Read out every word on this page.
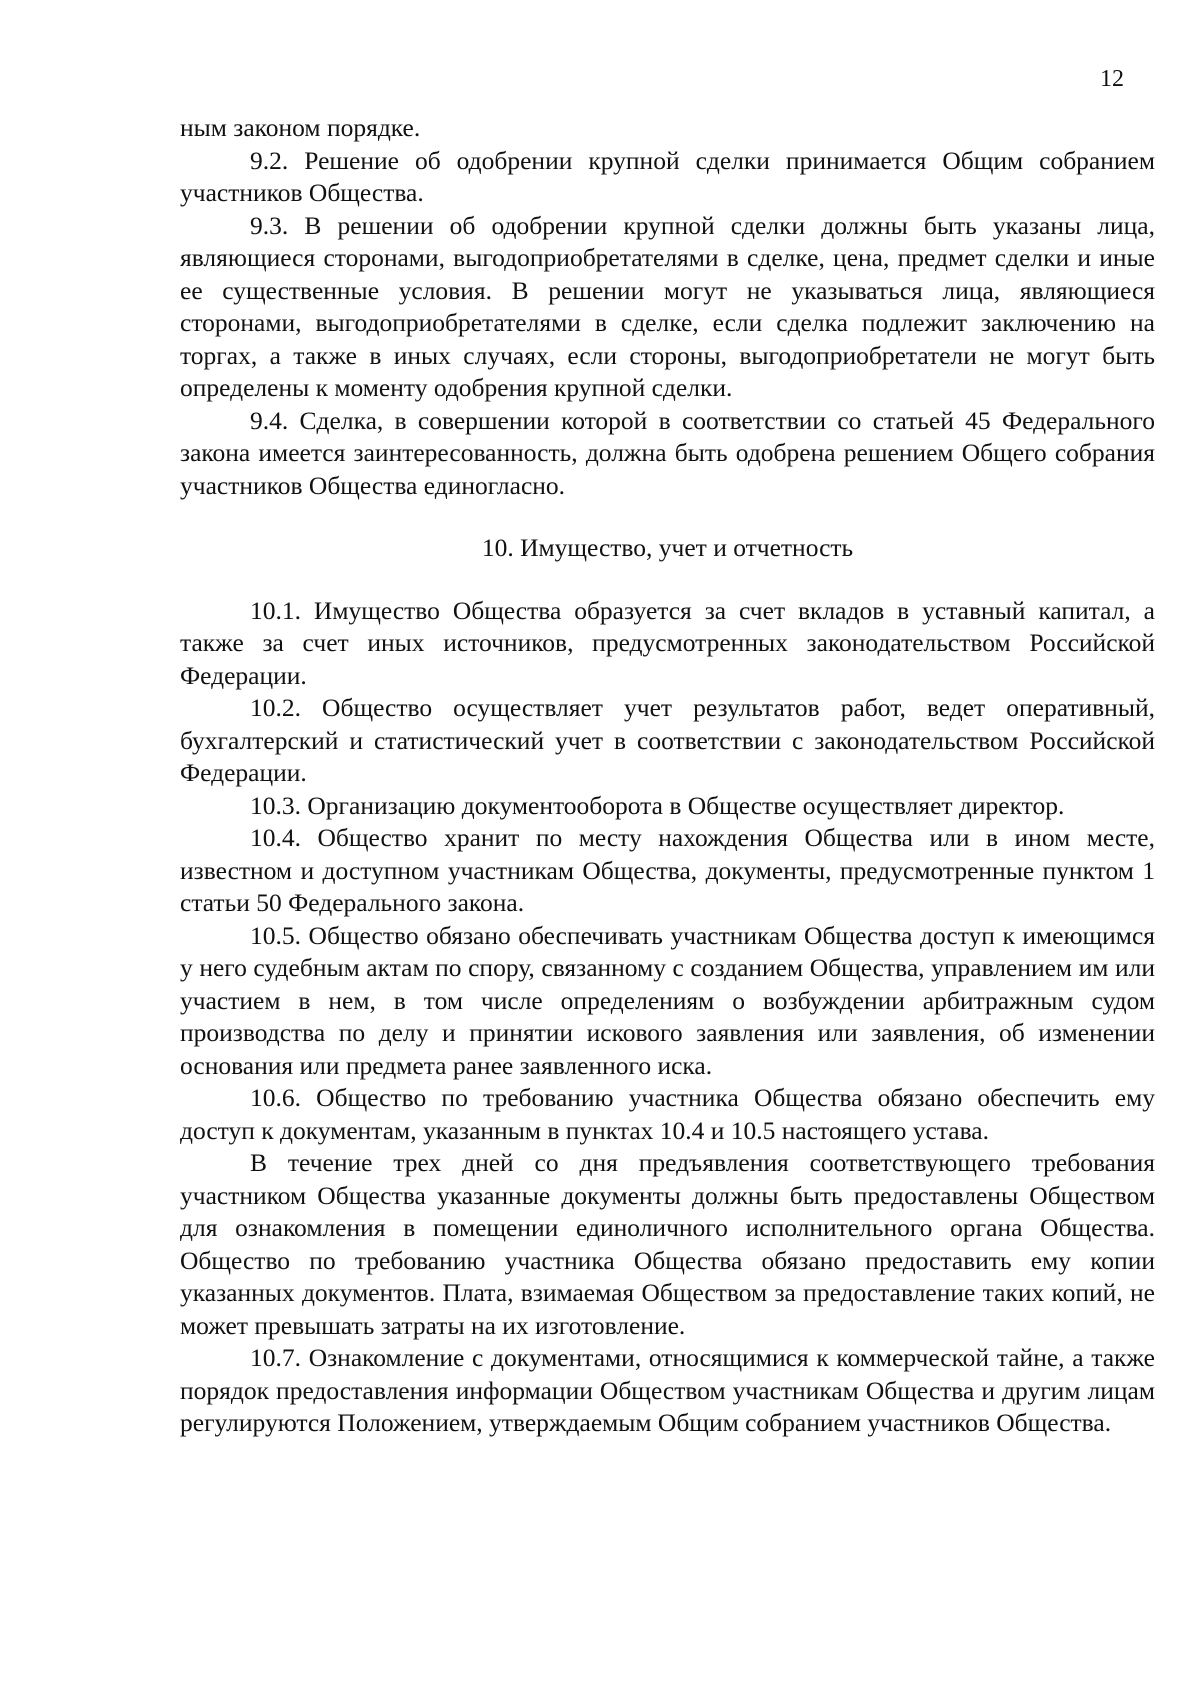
12

ным законом порядке.

9.2. Решение об одобрении крупной сделки принимается Общим собранием участников Общества.

9.3. В решении об одобрении крупной сделки должны быть указаны лица, являющиеся сторонами, выгодоприобретателями в сделке, цена, предмет сделки и иные ее существенные условия. В решении могут не указываться лица, являющиеся сторонами, выгодоприобретателями в сделке, если сделка подлежит заключению на торгах, а также в иных случаях, если стороны, выгодоприобретатели не могут быть определены к моменту одобрения крупной сделки.

9.4. Сделка, в совершении которой в соответствии со статьей 45 Федерального закона имеется заинтересованность, должна быть одобрена решением Общего собрания участников Общества единогласно.

10. Имущество, учет и отчетность

10.1. Имущество Общества образуется за счет вкладов в уставный капитал, а также за счет иных источников, предусмотренных законодательством Российской Федерации.

10.2. Общество осуществляет учет результатов работ, ведет оперативный, бухгалтерский и статистический учет в соответствии с законодательством Российской Федерации.

10.3. Организацию документооборота в Обществе осуществляет директор.

10.4. Общество хранит по месту нахождения Общества или в ином месте, известном и доступном участникам Общества, документы, предусмотренные пунктом 1 статьи 50 Федерального закона.

10.5. Общество обязано обеспечивать участникам Общества доступ к имеющимся у него судебным актам по спору, связанному с созданием Общества, управлением им или участием в нем, в том числе определениям о возбуждении арбитражным судом производства по делу и принятии искового заявления или заявления, об изменении основания или предмета ранее заявленного иска.

10.6. Общество по требованию участника Общества обязано обеспечить ему доступ к документам, указанным в пунктах 10.4 и 10.5 настоящего устава.

В течение трех дней со дня предъявления соответствующего требования участником Общества указанные документы должны быть предоставлены Обществом для ознакомления в помещении единоличного исполнительного органа Общества. Общество по требованию участника Общества обязано предоставить ему копии указанных документов. Плата, взимаемая Обществом за предоставление таких копий, не может превышать затраты на их изготовление.

10.7. Ознакомление с документами, относящимися к коммерческой тайне, а также порядок предоставления информации Обществом участникам Общества и другим лицам регулируются Положением, утверждаемым Общим собранием участников Общества.
